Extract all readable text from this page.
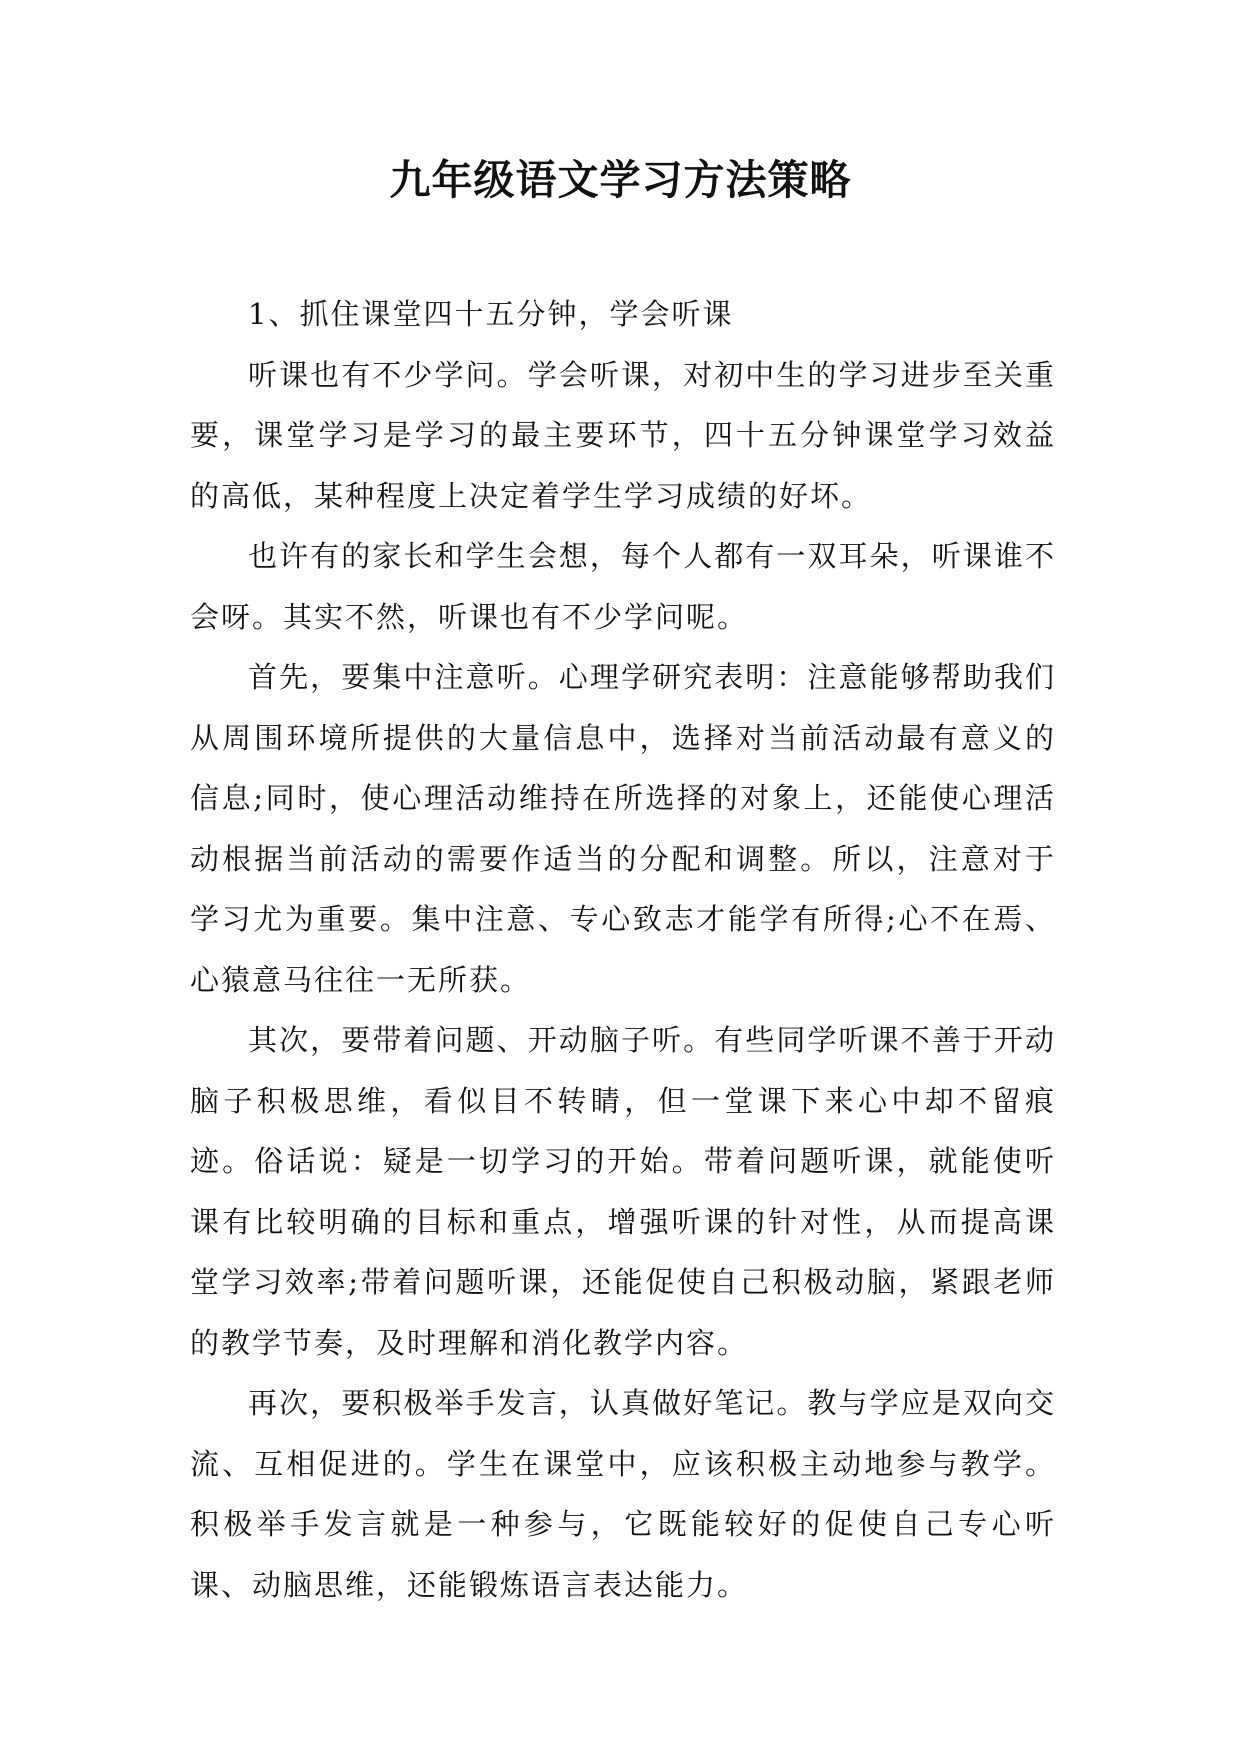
九年级语文学习方法策略

1、抓住课堂四十五分钟，学会听课

听课也有不少学问。学会听课，对初中生的学习进步至关重要，课堂学习是学习的最主要环节，四十五分钟课堂学习效益的高低，某种程度上决定着学生学习成绩的好坏。

也许有的家长和学生会想，每个人都有一双耳朵，听课谁不会呀。其实不然，听课也有不少学问呢。

首先，要集中注意听。心理学研究表明：注意能够帮助我们从周围环境所提供的大量信息中，选择对当前活动最有意义的信息;同时，使心理活动维持在所选择的对象上，还能使心理活动根据当前活动的需要作适当的分配和调整。所以，注意对于学习尤为重要。集中注意、专心致志才能学有所得;心不在焉、心猿意马往往一无所获。

其次，要带着问题、开动脑子听。有些同学听课不善于开动脑子积极思维，看似目不转睛，但一堂课下来心中却不留痕迹。俗话说：疑是一切学习的开始。带着问题听课，就能使听课有比较明确的目标和重点，增强听课的针对性，从而提高课堂学习效率;带着问题听课，还能促使自己积极动脑，紧跟老师的教学节奏，及时理解和消化教学内容。

再次，要积极举手发言，认真做好笔记。教与学应是双向交流、互相促进的。学生在课堂中，应该积极主动地参与教学。积极举手发言就是一种参与，它既能较好的促使自己专心听课、动脑思维，还能锻炼语言表达能力。
